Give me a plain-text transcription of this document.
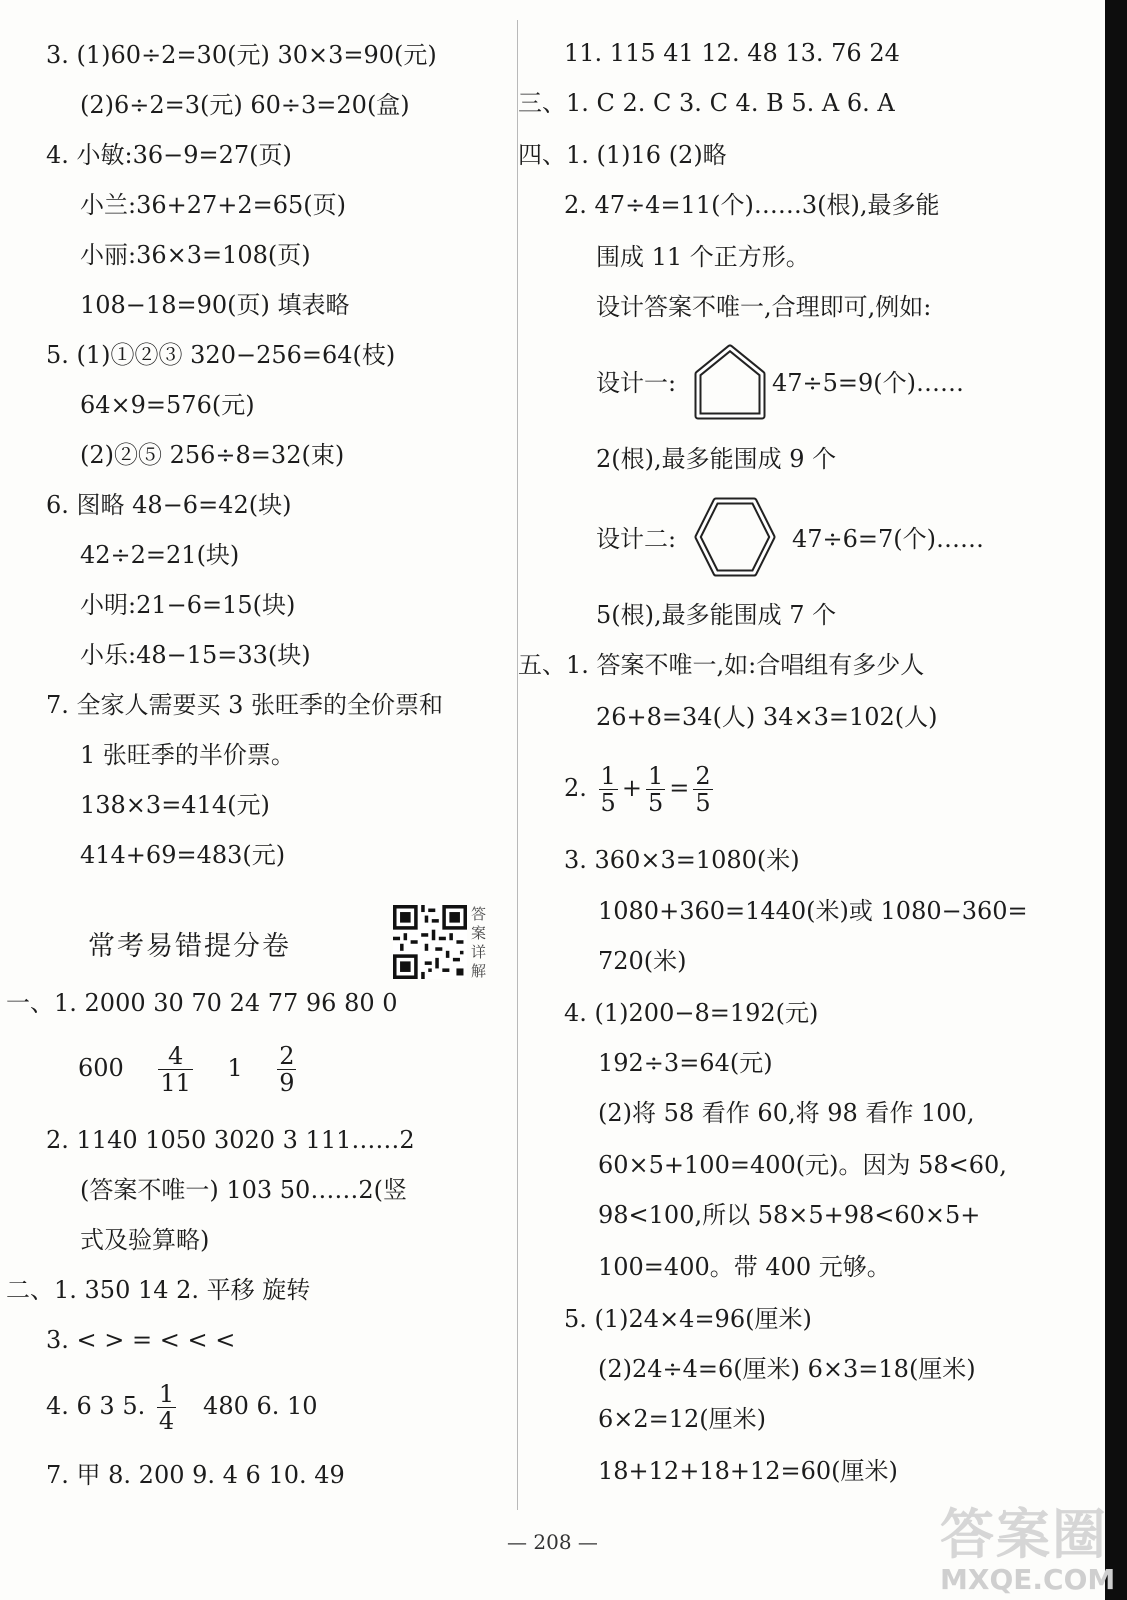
3. (1)60÷2=30(元) 30×3=90(元)
(2)6÷2=3(元) 60÷3=20(盒)
4. 小敏:36−9=27(页)
小兰:36+27+2=65(页)
小丽:36×3=108(页)
108−18=90(页) 填表略
5. (1)①②③ 320−256=64(枝)
64×9=576(元)
(2)②⑤ 256÷8=32(束)
6. 图略 48−6=42(块)
42÷2=21(块)
小明:21−6=15(块)
小乐:48−15=33(块)
7. 全家人需要买 3 张旺季的全价票和
1 张旺季的半价票。
138×3=414(元)
414+69=483(元)
常考易错提分卷
答案详解
一、1. 2000 30 70 24 77 96 80 0
$600 \frac{4}{11} 1 \frac{2}{9}$
2. 1140 1050 3020 3 111……2
(答案不唯一) 103 50……2(竖
式及验算略)
二、1. 350 14 2. 平移 旋转
3. < > = < < <
4. 6 3 5. $\frac{1}{4} 480$ 6. 10
7. 甲 8. 200 9. 4 6 10. 49
11. 115 41 12. 48 13. 76 24
三、1. C 2. C 3. C 4. B 5. A 6. A
四、1. (1)16 (2)略
2. 47÷4=11(个)……3(根),最多能
围成 11 个正方形。
设计答案不唯一,合理即可,例如:
设计一:	47÷5=9(个)……
2(根),最多能围成 9 个
设计二:	47÷6=7(个)……
5(根),最多能围成 7 个
五、1. 答案不唯一,如:合唱组有多少人
26+8=34(人) 34×3=102(人)
2. $\frac{1}{5} + \frac{1}{5} = \frac{2}{5}$
3. 360×3=1080(米)
1080+360=1440(米)或 1080−360=
720(米)
4. (1)200−8=192(元)
192÷3=64(元)
(2)将 58 看作 60,将 98 看作 100,
60×5+100=400(元)。因为 58<60,
98<100,所以 58×5+98<60×5+
100=400。带 400 元够。
5. (1)24×4=96(厘米)
(2)24÷4=6(厘米) 6×3=18(厘米)
6×2=12(厘米)
18+12+18+12=60(厘米)
— 208 —	答案圈
MXQE.COM
